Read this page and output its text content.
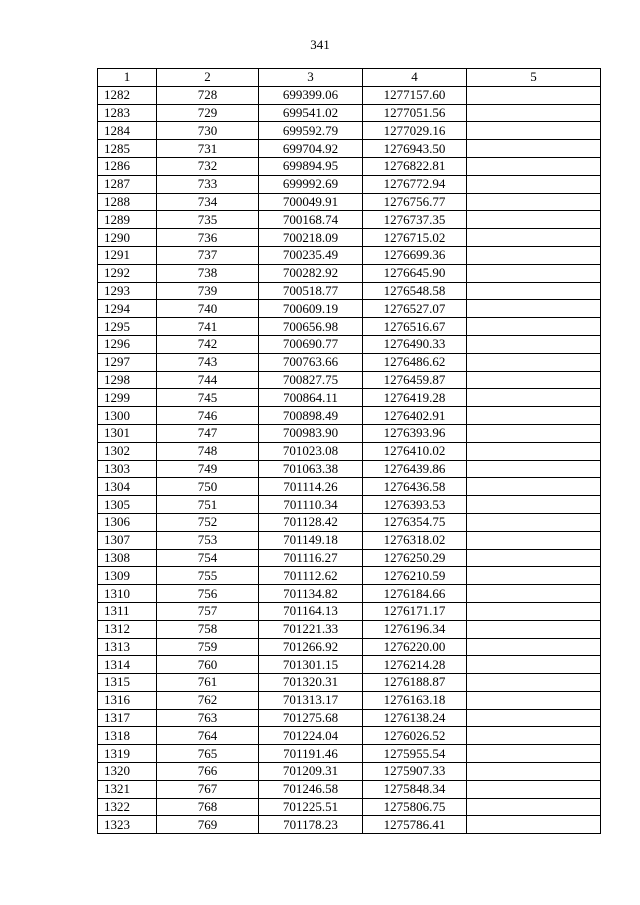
341
1	2	3	4	5
1282	728	699399.06	1277157.60	
1283	729	699541.02	1277051.56	
1284	730	699592.79	1277029.16	
1285	731	699704.92	1276943.50	
1286	732	699894.95	1276822.81	
1287	733	699992.69	1276772.94	
1288	734	700049.91	1276756.77	
1289	735	700168.74	1276737.35	
1290	736	700218.09	1276715.02	
1291	737	700235.49	1276699.36	
1292	738	700282.92	1276645.90	
1293	739	700518.77	1276548.58	
1294	740	700609.19	1276527.07	
1295	741	700656.98	1276516.67	
1296	742	700690.77	1276490.33	
1297	743	700763.66	1276486.62	
1298	744	700827.75	1276459.87	
1299	745	700864.11	1276419.28	
1300	746	700898.49	1276402.91	
1301	747	700983.90	1276393.96	
1302	748	701023.08	1276410.02	
1303	749	701063.38	1276439.86	
1304	750	701114.26	1276436.58	
1305	751	701110.34	1276393.53	
1306	752	701128.42	1276354.75	
1307	753	701149.18	1276318.02	
1308	754	701116.27	1276250.29	
1309	755	701112.62	1276210.59	
1310	756	701134.82	1276184.66	
1311	757	701164.13	1276171.17	
1312	758	701221.33	1276196.34	
1313	759	701266.92	1276220.00	
1314	760	701301.15	1276214.28	
1315	761	701320.31	1276188.87	
1316	762	701313.17	1276163.18	
1317	763	701275.68	1276138.24	
1318	764	701224.04	1276026.52	
1319	765	701191.46	1275955.54	
1320	766	701209.31	1275907.33	
1321	767	701246.58	1275848.34	
1322	768	701225.51	1275806.75	
1323	769	701178.23	1275786.41	
